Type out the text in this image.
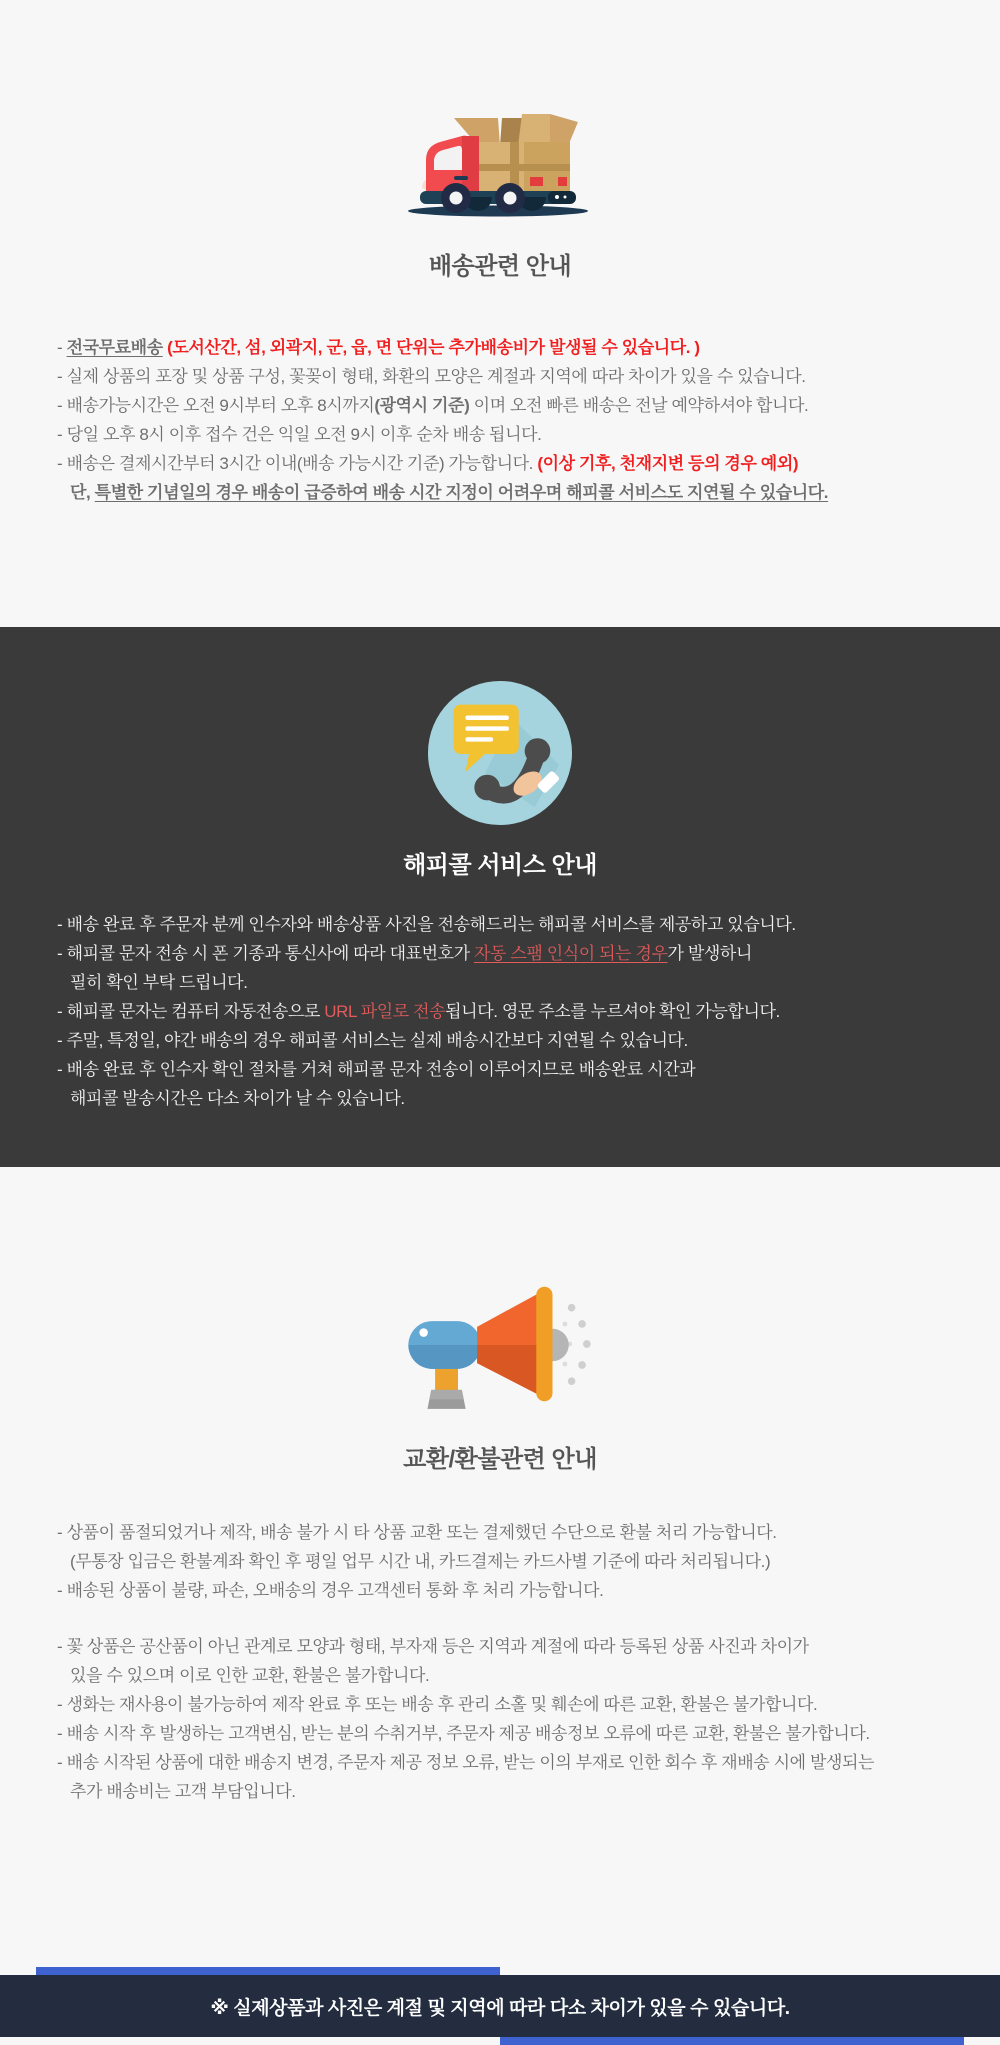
배송관련 안내
- 전국무료배송 (도서산간, 섬, 외곽지, 군, 읍, 면 단위는 추가배송비가 발생될 수 있습니다. )
- 실제 상품의 포장 및 상품 구성, 꽃꽂이 형태, 화환의 모양은 계절과 지역에 따라 차이가 있을 수 있습니다.
- 배송가능시간은 오전 9시부터 오후 8시까지(광역시 기준) 이며 오전 빠른 배송은 전날 예약하셔야 합니다.
- 당일 오후 8시 이후 접수 건은 익일 오전 9시 이후 순차 배송 됩니다.
- 배송은 결제시간부터 3시간 이내(배송 가능시간 기준) 가능합니다. (이상 기후, 천재지변 등의 경우 예외)
단, 특별한 기념일의 경우 배송이 급증하여 배송 시간 지정이 어려우며 해피콜 서비스도 지연될 수 있습니다.
해피콜 서비스 안내
- 배송 완료 후 주문자 분께 인수자와 배송상품 사진을 전송해드리는 해피콜 서비스를 제공하고 있습니다.
- 해피콜 문자 전송 시 폰 기종과 통신사에 따라 대표번호가 자동 스팸 인식이 되는 경우가 발생하니
필히 확인 부탁 드립니다.
- 해피콜 문자는 컴퓨터 자동전송으로 URL 파일로 전송됩니다. 영문 주소를 누르셔야 확인 가능합니다.
- 주말, 특정일, 야간 배송의 경우 해피콜 서비스는 실제 배송시간보다 지연될 수 있습니다.
- 배송 완료 후 인수자 확인 절차를 거쳐 해피콜 문자 전송이 이루어지므로 배송완료 시간과
해피콜 발송시간은 다소 차이가 날 수 있습니다.
교환/환불관련 안내
- 상품이 품절되었거나 제작, 배송 불가 시 타 상품 교환 또는 결제했던 수단으로 환불 처리 가능합니다.
(무통장 입금은 환불계좌 확인 후 평일 업무 시간 내, 카드결제는 카드사별 기준에 따라 처리됩니다.)
- 배송된 상품이 불량, 파손, 오배송의 경우 고객센터 통화 후 처리 가능합니다.
- 꽃 상품은 공산품이 아닌 관계로 모양과 형태, 부자재 등은 지역과 계절에 따라 등록된 상품 사진과 차이가
있을 수 있으며 이로 인한 교환, 환불은 불가합니다.
- 생화는 재사용이 불가능하여 제작 완료 후 또는 배송 후 관리 소홀 및 훼손에 따른 교환, 환불은 불가합니다.
- 배송 시작 후 발생하는 고객변심, 받는 분의 수취거부, 주문자 제공 배송정보 오류에 따른 교환, 환불은 불가합니다.
- 배송 시작된 상품에 대한 배송지 변경, 주문자 제공 정보 오류, 받는 이의 부재로 인한 회수 후 재배송 시에 발생되는
추가 배송비는 고객 부담입니다.
※ 실제상품과 사진은 계절 및 지역에 따라 다소 차이가 있을 수 있습니다.
